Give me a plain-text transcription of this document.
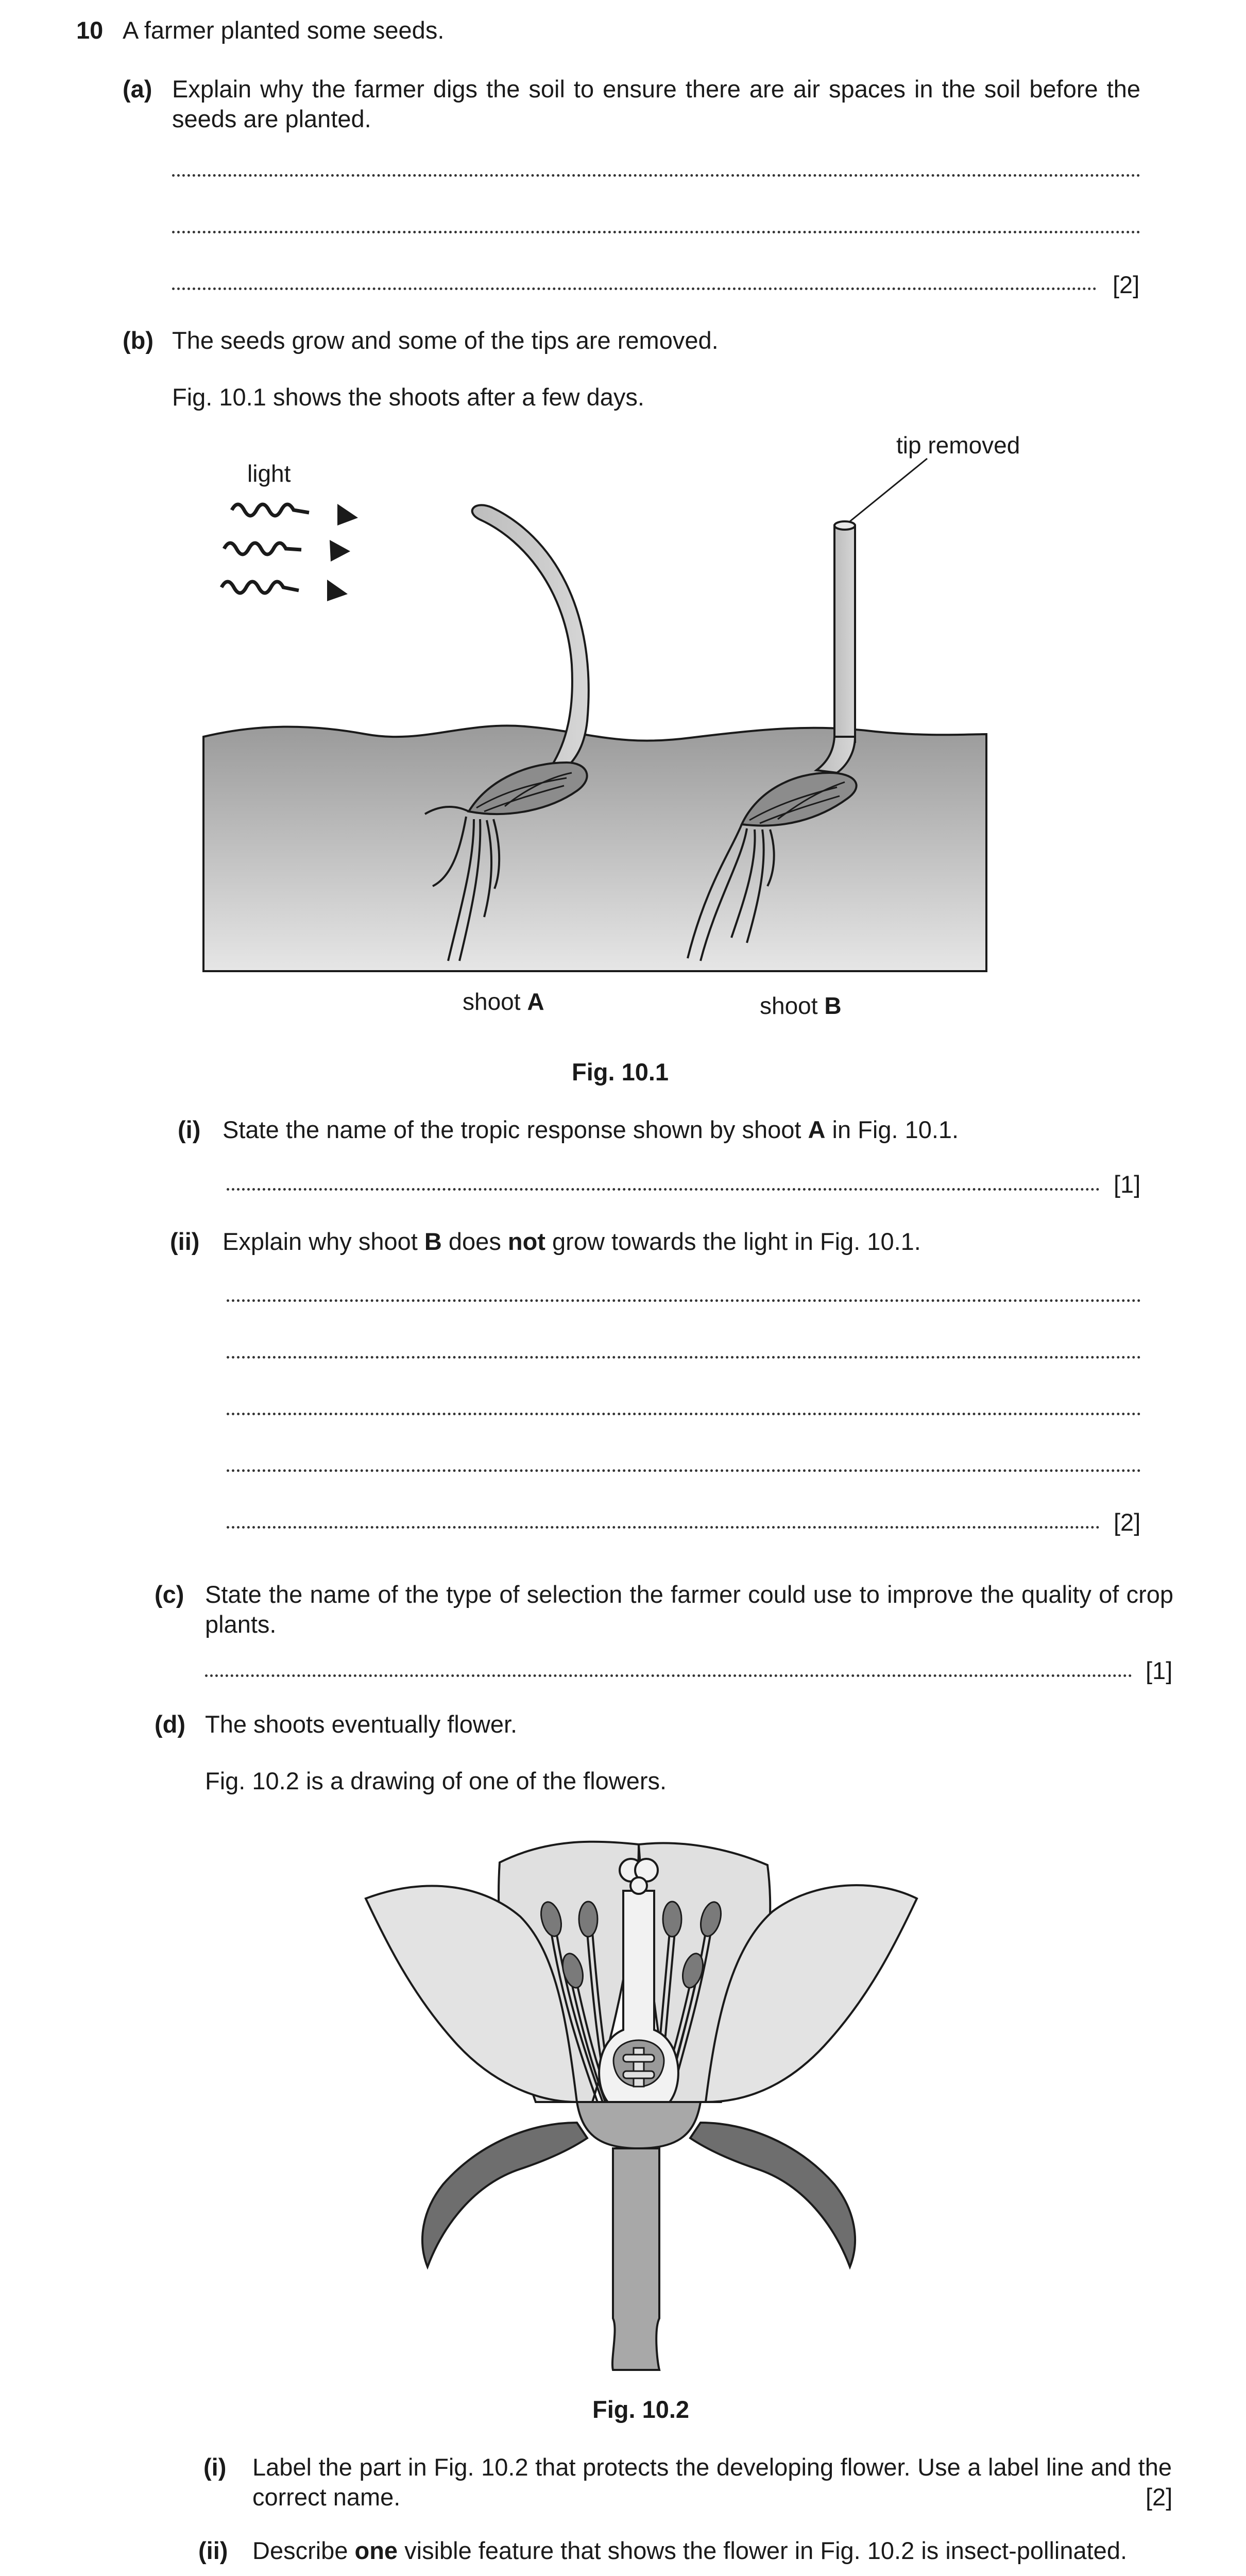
10 A farmer planted some seeds.
(a) Explain why the farmer digs the soil to ensure there are air spaces in the soil before the seeds are planted.
[2]
(b) The seeds grow and some of the tips are removed.
Fig. 10.1 shows the shoots after a few days.
light
tip removed
shoot A	shoot B
Fig. 10.1
(i) State the name of the tropic response shown by shoot A in Fig. 10.1.
[1]
(ii) Explain why shoot B does not grow towards the light in Fig. 10.1.
[2]
(c) State the name of the type of selection the farmer could use to improve the quality of crop plants.
[1]
(d) The shoots eventually flower.
Fig. 10.2 is a drawing of one of the flowers.
Fig. 10.2
(i) Label the part in Fig. 10.2 that protects the developing flower. Use a label line and the correct name.	[2]
(ii) Describe one visible feature that shows the flower in Fig. 10.2 is insect-pollinated.
